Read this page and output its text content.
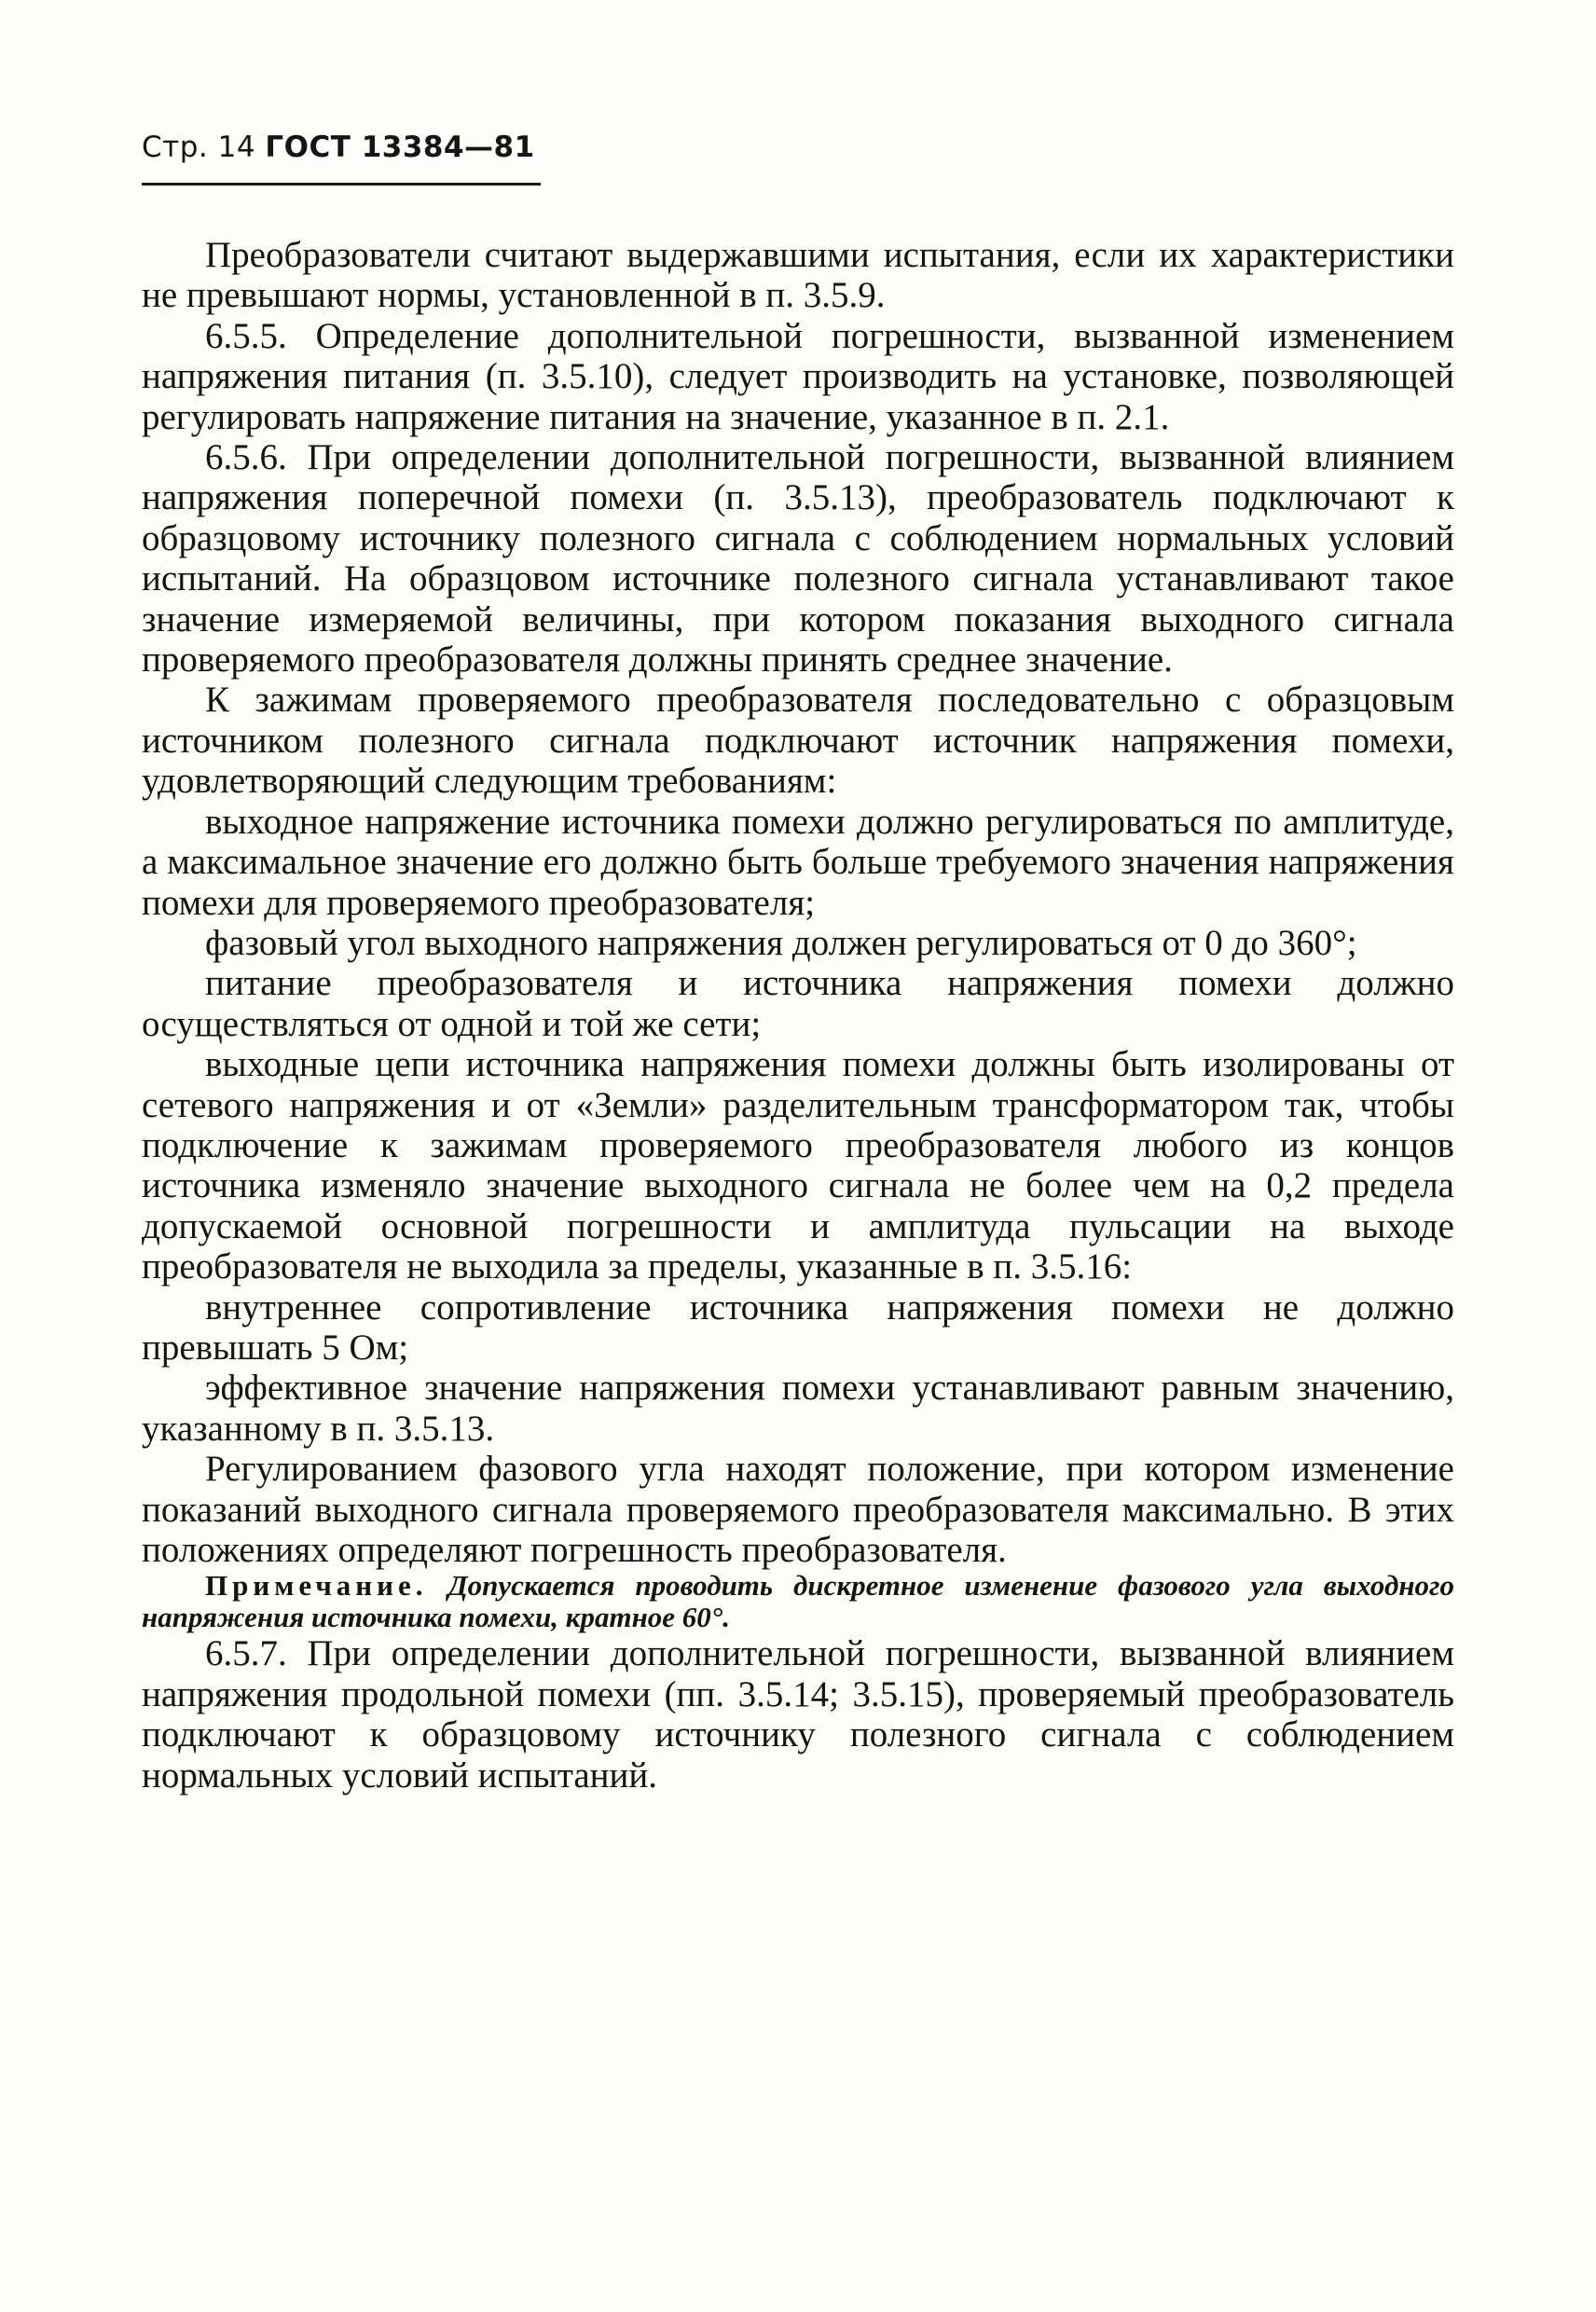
Стр. 14 ГОСТ 13384—81

Преобразователи считают выдержавшими испытания, если их характеристики не превышают нормы, установленной в п. 3.5.9.

6.5.5. Определение дополнительной погрешности, вызванной изменением напряжения питания (п. 3.5.10), следует производить на установке, позволяющей регулировать напряжение питания на значение, указанное в п. 2.1.

6.5.6. При определении дополнительной погрешности, вызванной влиянием напряжения поперечной помехи (п. 3.5.13), преобразователь подключают к образцовому источнику полезного сигнала с соблюдением нормальных условий испытаний. На образцовом источнике полезного сигнала устанавливают такое значение измеряемой величины, при котором показания выходного сигнала проверяемого преобразователя должны принять среднее значение.

К зажимам проверяемого преобразователя последовательно с образцовым источником полезного сигнала подключают источник напряжения помехи, удовлетворяющий следующим требованиям:

выходное напряжение источника помехи должно регулироваться по амплитуде, а максимальное значение его должно быть больше требуемого значения напряжения помехи для проверяемого преобразователя;

фазовый угол выходного напряжения должен регулироваться от 0 до 360°;

питание преобразователя и источника напряжения помехи должно осуществляться от одной и той же сети;

выходные цепи источника напряжения помехи должны быть изолированы от сетевого напряжения и от «Земли» разделительным трансформатором так, чтобы подключение к зажимам проверяемого преобразователя любого из концов источника изменяло значение выходного сигнала не более чем на 0,2 предела допускаемой основной погрешности и амплитуда пульсации на выходе преобразователя не выходила за пределы, указанные в п. 3.5.16:

внутреннее сопротивление источника напряжения помехи не должно превышать 5 Ом;

эффективное значение напряжения помехи устанавливают равным значению, указанному в п. 3.5.13.

Регулированием фазового угла находят положение, при котором изменение показаний выходного сигнала проверяемого преобразователя максимально. В этих положениях определяют погрешность преобразователя.

Примечание. Допускается проводить дискретное изменение фазового угла выходного напряжения источника помехи, кратное 60°.

6.5.7. При определении дополнительной погрешности, вызванной влиянием напряжения продольной помехи (пп. 3.5.14; 3.5.15), проверяемый преобразователь подключают к образцовому источнику полезного сигнала с соблюдением нормальных условий испытаний.
